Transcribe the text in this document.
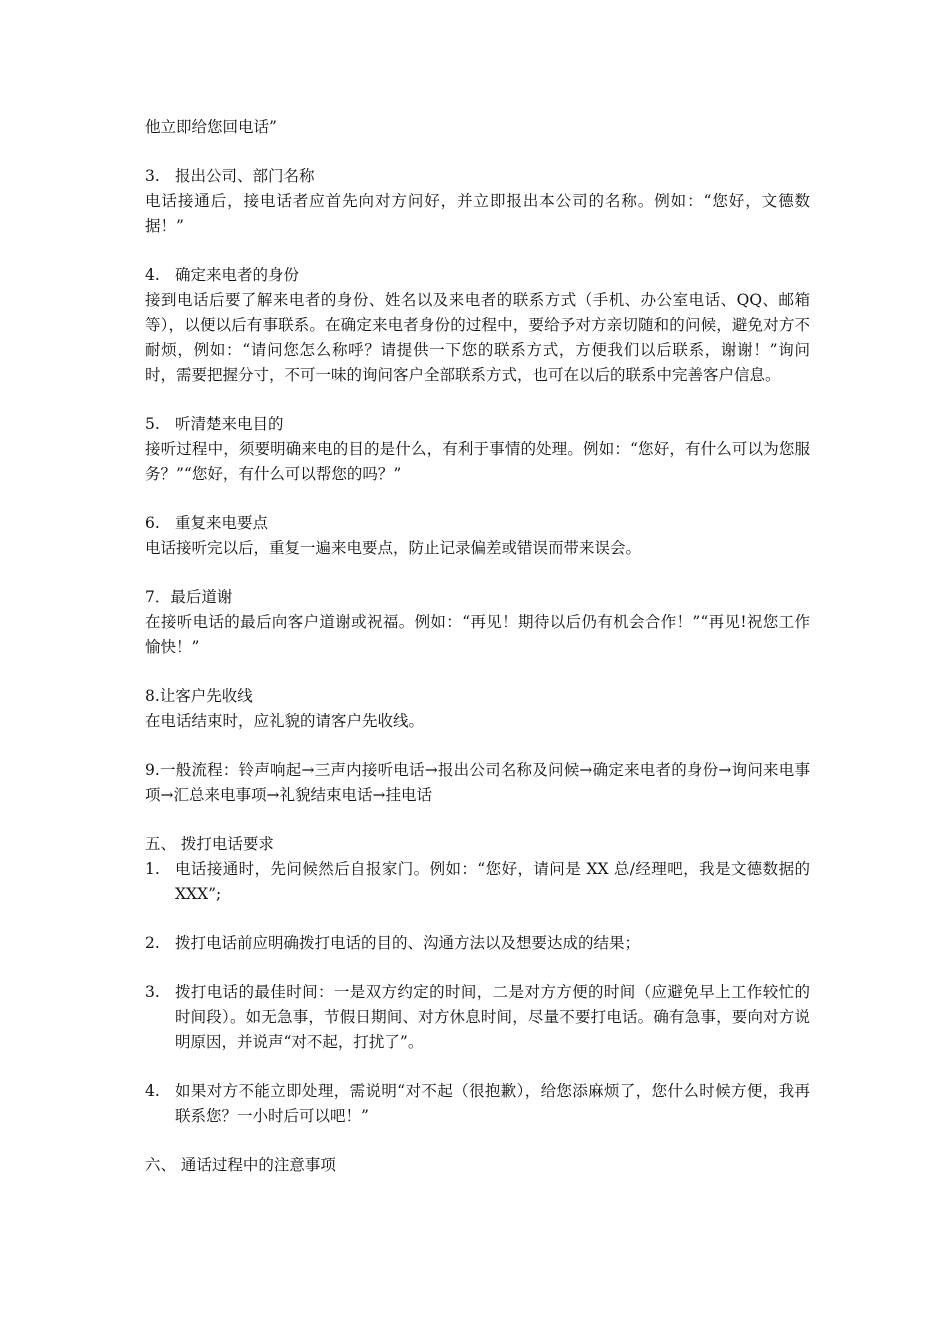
他立即给您回电话”

3. 报出公司、部门名称

电话接通后，接电话者应首先向对方问好，并立即报出本公司的名称。例如：“您好，文德数据！”

4. 确定来电者的身份

接到电话后要了解来电者的身份、姓名以及来电者的联系方式（手机、办公室电话、QQ、邮箱等），以便以后有事联系。在确定来电者身份的过程中，要给予对方亲切随和的问候，避免对方不耐烦，例如：“请问您怎么称呼？请提供一下您的联系方式，方便我们以后联系，谢谢！”询问时，需要把握分寸，不可一味的询问客户全部联系方式，也可在以后的联系中完善客户信息。

5. 听清楚来电目的

接听过程中，须要明确来电的目的是什么，有利于事情的处理。例如：“您好，有什么可以为您服务？”“您好，有什么可以帮您的吗？”

6. 重复来电要点

电话接听完以后，重复一遍来电要点，防止记录偏差或错误而带来误会。

7．最后道谢

在接听电话的最后向客户道谢或祝福。例如：“再见！期待以后仍有机会合作！”“再见!祝您工作愉快！”

8.让客户先收线

在电话结束时，应礼貌的请客户先收线。

9.一般流程：铃声响起→三声内接听电话→报出公司名称及问候→确定来电者的身份→询问来电事项→汇总来电事项→礼貌结束电话→挂电话

五、 拨打电话要求

1. 电话接通时，先问候然后自报家门。例如：“您好，请问是 XX 总/经理吧，我是文德数据的 XXX”;
2. 拨打电话前应明确拨打电话的目的、沟通方法以及想要达成的结果；
3. 拨打电话的最佳时间：一是双方约定的时间，二是对方方便的时间（应避免早上工作较忙的时间段）。如无急事，节假日期间、对方休息时间，尽量不要打电话。确有急事，要向对方说明原因，并说声“对不起，打扰了”。
4. 如果对方不能立即处理，需说明“对不起（很抱歉），给您添麻烦了，您什么时候方便，我再联系您？一小时后可以吧！”

六、 通话过程中的注意事项
